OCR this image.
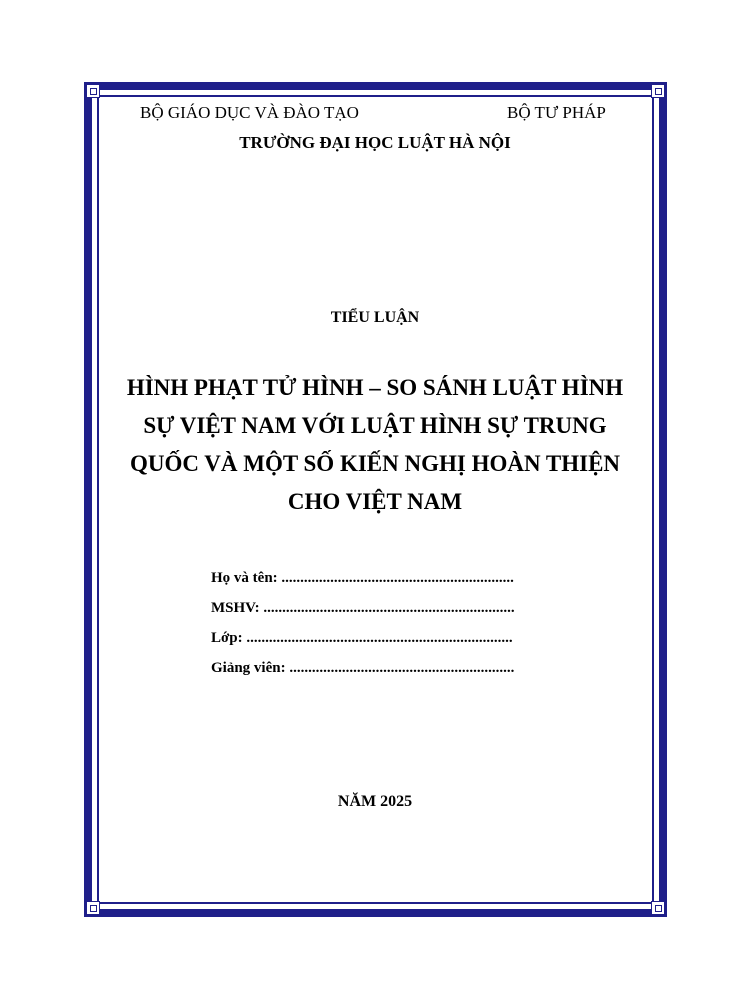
BỘ GIÁO DỤC VÀ ĐÀO TẠO	BỘ TƯ PHÁP
TRƯỜNG ĐẠI HỌC LUẬT HÀ NỘI
TIỂU LUẬN
HÌNH PHẠT TỬ HÌNH – SO SÁNH LUẬT HÌNH SỰ VIỆT NAM VỚI LUẬT HÌNH SỰ TRUNG QUỐC VÀ MỘT SỐ KIẾN NGHỊ HOÀN THIỆN CHO VIỆT NAM
Họ và tên: ..............................................................
MSHV: ...................................................................
Lớp: .......................................................................
Giảng viên: ............................................................
NĂM 2025
